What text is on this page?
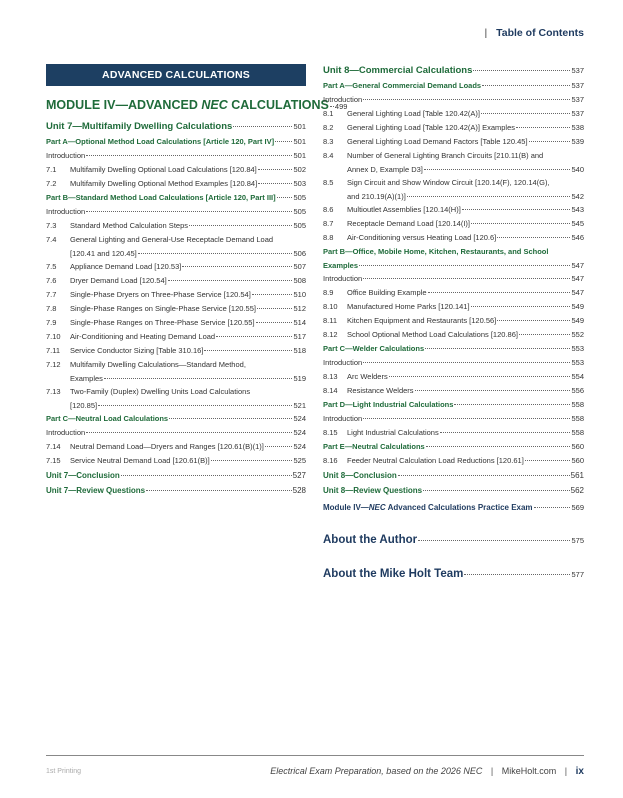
| Table of Contents
ADVANCED CALCULATIONS
MODULE IV—ADVANCED NEC CALCULATIONS 499
Unit 7—Multifamily Dwelling Calculations	501
Part A—Optional Method Load Calculations [Article 120, Part IV]	501
Introduction	501
7.1	Multifamily Dwelling Optional Load Calculations [120.84]	502
7.2	Multifamily Dwelling Optional Method Examples [120.84]	503
Part B—Standard Method Load Calculations [Article 120, Part III] 505
Introduction	505
7.3	Standard Method Calculation Steps	505
7.4	General Lighting and General-Use Receptacle Demand Load
[120.41 and 120.45]	506
7.5	Appliance Demand Load [120.53]	507
7.6	Dryer Demand Load [120.54]	508
7.7	Single-Phase Dryers on Three-Phase Service [120.54]	510
7.8	Single-Phase Ranges on Single-Phase Service [120.55]	512
7.9	Single-Phase Ranges on Three-Phase Service [120.55]	514
7.10	Air-Conditioning and Heating Demand Load	517
7.11	Service Conductor Sizing [Table 310.16]	518
7.12	Multifamily Dwelling Calculations—Standard Method,
Examples	519
7.13	Two-Family (Duplex) Dwelling Units Load Calculations
[120.85]	521
Part C—Neutral Load Calculations	524
Introduction	524
7.14	Neutral Demand Load—Dryers and Ranges [120.61(B)(1)]	524
7.15	Service Neutral Demand Load [120.61(B)]	525
Unit 7—Conclusion	527
Unit 7—Review Questions	528
Unit 8—Commercial Calculations	537
Part A—General Commercial Demand Loads	537
Introduction	537
8.1	General Lighting Load [Table 120.42(A)]	537
8.2	General Lighting Load [Table 120.42(A)] Examples	538
8.3	General Lighting Load Demand Factors [Table 120.45]	539
8.4	Number of General Lighting Branch Circuits [210.11(B) and
Annex D, Example D3]	540
8.5	Sign Circuit and Show Window Circuit [120.14(F), 120.14(G),
and 210.19(A)(1)]	542
8.6	Multioutlet Assemblies [120.14(H)]	543
8.7	Receptacle Demand Load [120.14(I)]	545
8.8	Air-Conditioning versus Heating Load [120.6]	546
Part B—Office, Mobile Home, Kitchen, Restaurants, and School
Examples	547
Introduction	547
8.9	Office Building Example	547
8.10	Manufactured Home Parks [120.141]	549
8.11	Kitchen Equipment and Restaurants [120.56]	549
8.12	School Optional Method Load Calculations [120.86]	552
Part C—Welder Calculations	553
Introduction	553
8.13	Arc Welders	554
8.14	Resistance Welders	556
Part D—Light Industrial Calculations	558
Introduction	558
8.15	Light Industrial Calculations	558
Part E—Neutral Calculations	560
8.16	Feeder Neutral Calculation Load Reductions [120.61]	560
Unit 8—Conclusion	561
Unit 8—Review Questions	562
Module IV—NEC Advanced Calculations Practice Exam	569
About the Author	575
About the Mike Holt Team	577
1st Printing	Electrical Exam Preparation, based on the 2026 NEC | MikeHolt.com | ix
